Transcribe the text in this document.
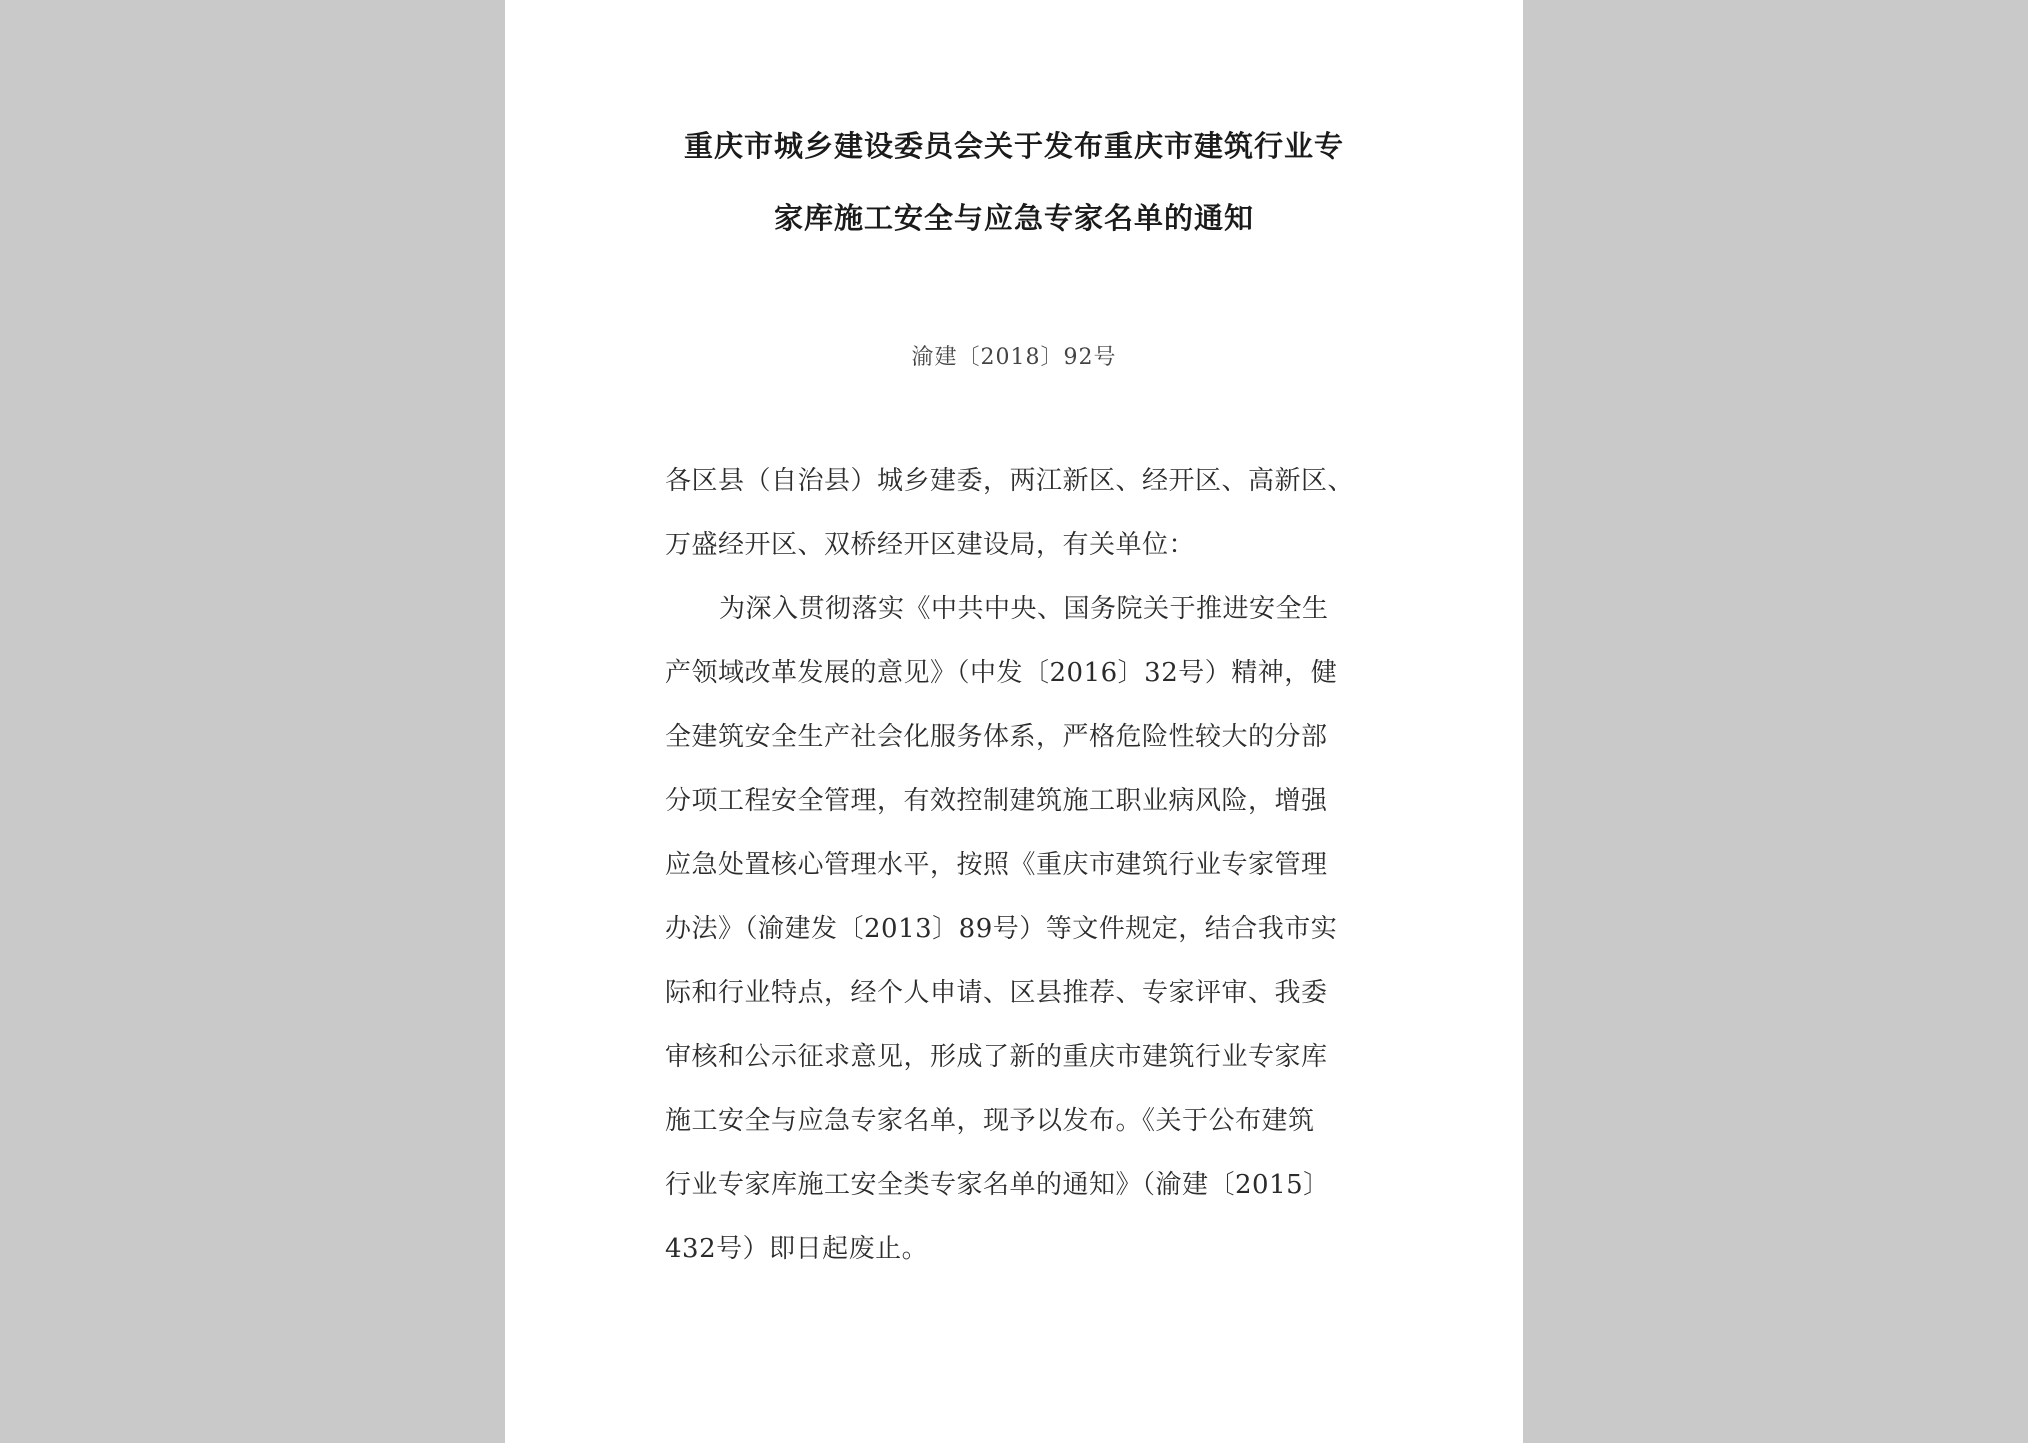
重庆市城乡建设委员会关于发布重庆市建筑行业专
家库施工安全与应急专家名单的通知
渝建〔2018〕92号
各区县（自治县）城乡建委，两江新区、经开区、高新区、
万盛经开区、双桥经开区建设局，有关单位：
为深入贯彻落实《中共中央、国务院关于推进安全生
产领域改革发展的意见》（中发〔2016〕32号）精神，健
全建筑安全生产社会化服务体系，严格危险性较大的分部
分项工程安全管理，有效控制建筑施工职业病风险，增强
应急处置核心管理水平，按照《重庆市建筑行业专家管理
办法》（渝建发〔2013〕89号）等文件规定，结合我市实
际和行业特点，经个人申请、区县推荐、专家评审、我委
审核和公示征求意见，形成了新的重庆市建筑行业专家库
施工安全与应急专家名单，现予以发布。《关于公布建筑
行业专家库施工安全类专家名单的通知》（渝建〔2015〕
432号）即日起废止。
